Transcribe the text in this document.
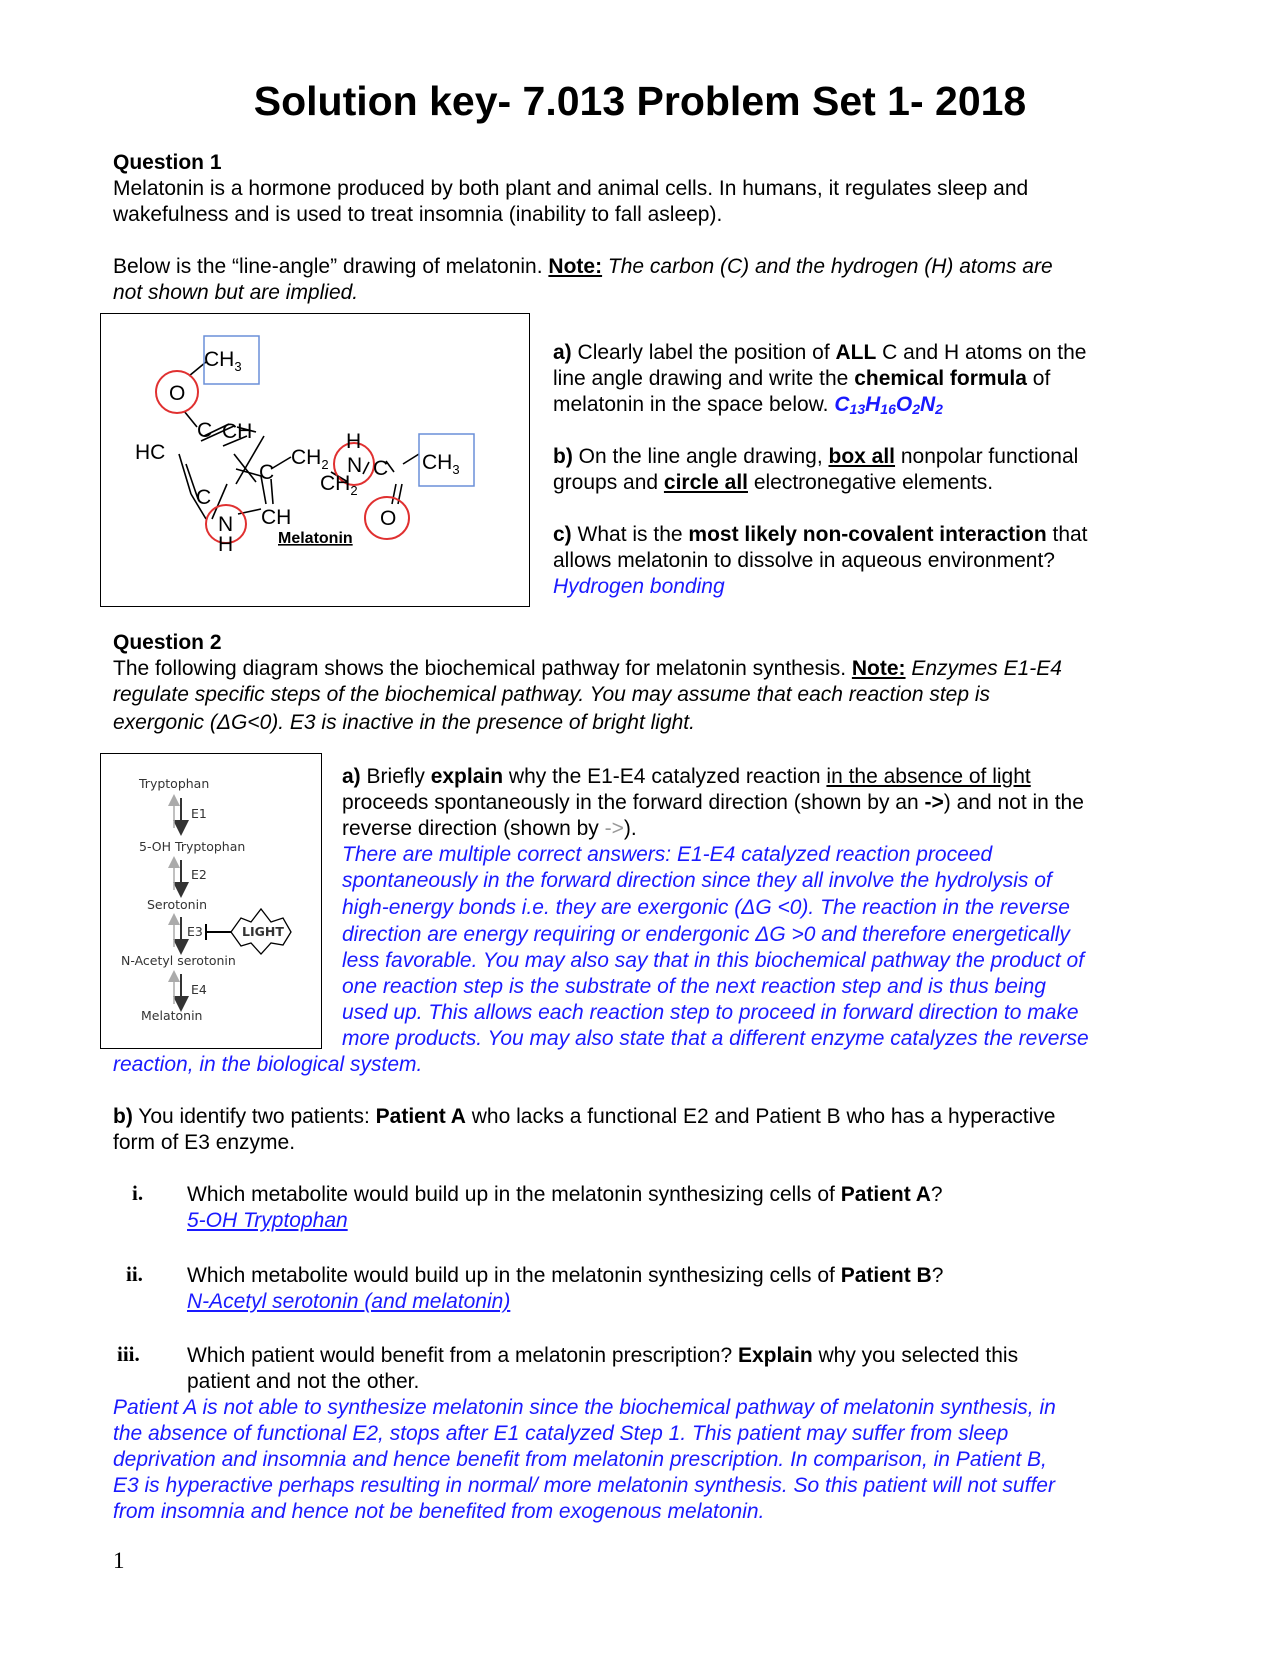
Solution key- 7.013 Problem Set 1- 2018
Question 1
Melatonin is a hormone produced by both plant and animal cells. In humans, it regulates sleep and
wakefulness and is used to treat insomnia (inability to fall asleep).
Below is the “line-angle” drawing of melatonin. Note: The carbon (C) and the hydrogen (H) atoms are
not shown but are implied.
$CH_3$
O
C CH
HC	$CH_2$
C
H
N C $CH_3$
$CH_2$
C
N
H
CH	O
Melatonin
a) Clearly label the position of ALL C and H atoms on the
line angle drawing and write the chemical formula of
melatonin in the space below. $C_{13}H_{16}O_2N_2$
b) On the line angle drawing, box all nonpolar functional
groups and circle all electronegative elements.
c) What is the most likely non-covalent interaction that
allows melatonin to dissolve in aqueous environment?
Hydrogen bonding
Question 2
The following diagram shows the biochemical pathway for melatonin synthesis. Note: Enzymes E1-E4
regulate specific steps of the biochemical pathway. You may assume that each reaction step is
exergonic (ΔG<0). E3 is inactive in the presence of bright light.
Tryptophan
E1
5-OH Tryptophan
E2
Serotonin
E3	LIGHT
N-Acetyl serotonin
E4
Melatonin
a) Briefly explain why the E1-E4 catalyzed reaction in the absence of light
proceeds spontaneously in the forward direction (shown by an ->) and not in the
reverse direction (shown by ->).
There are multiple correct answers: E1-E4 catalyzed reaction proceed
spontaneously in the forward direction since they all involve the hydrolysis of
high-energy bonds i.e. they are exergonic (ΔG <0). The reaction in the reverse
direction are energy requiring or endergonic ΔG >0 and therefore energetically
less favorable. You may also say that in this biochemical pathway the product of
one reaction step is the substrate of the next reaction step and is thus being
used up. This allows each reaction step to proceed in forward direction to make
more products. You may also state that a different enzyme catalyzes the reverse
reaction, in the biological system.
b) You identify two patients: Patient A who lacks a functional E2 and Patient B who has a hyperactive
form of E3 enzyme.
i. Which metabolite would build up in the melatonin synthesizing cells of Patient A?
5-OH Tryptophan
ii. Which metabolite would build up in the melatonin synthesizing cells of Patient B?
N-Acetyl serotonin (and melatonin)
iii. Which patient would benefit from a melatonin prescription? Explain why you selected this
patient and not the other.
Patient A is not able to synthesize melatonin since the biochemical pathway of melatonin synthesis, in
the absence of functional E2, stops after E1 catalyzed Step 1. This patient may suffer from sleep
deprivation and insomnia and hence benefit from melatonin prescription. In comparison, in Patient B,
E3 is hyperactive perhaps resulting in normal/ more melatonin synthesis. So this patient will not suffer
from insomnia and hence not be benefited from exogenous melatonin.
1
